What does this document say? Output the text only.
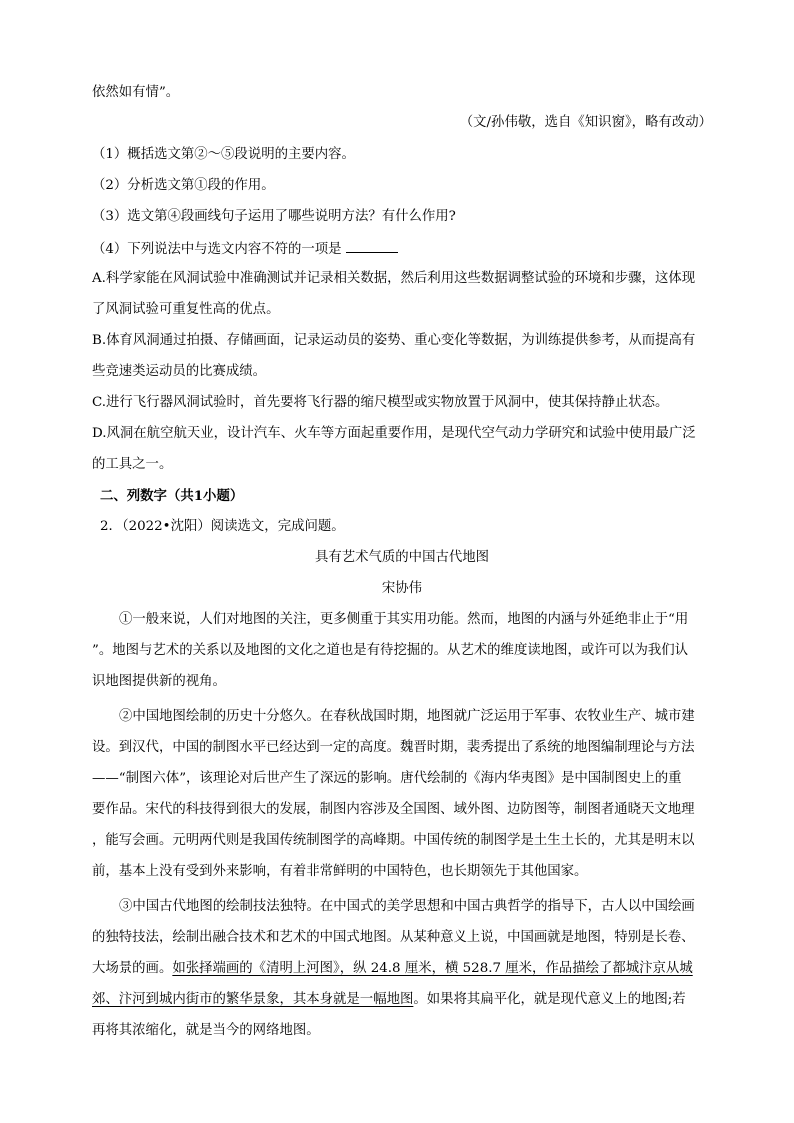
依然如有情”。
（文/孙伟敬，选自《知识窗》，略有改动）
（1）概括选文第②～⑤段说明的主要内容。
（2）分析选文第①段的作用。
（3）选文第④段画线句子运用了哪些说明方法？有什么作用?
（4）下列说法中与选文内容不符的一项是
A.科学家能在风洞试验中准确测试并记录相关数据，然后利用这些数据调整试验的环境和步骤，这体现
了风洞试验可重复性高的优点。
B.体育风洞通过拍摄、存储画面，记录运动员的姿势、重心变化等数据，为训练提供参考，从而提高有
些竞速类运动员的比赛成绩。
C.进行飞行器风洞试验时，首先要将飞行器的缩尺模型或实物放置于风洞中，使其保持静止状态。
D.风洞在航空航天业，设计汽车、火车等方面起重要作用，是现代空气动力学研究和试验中使用最广泛
的工具之一。
二、列数字（共1小题）
2．（2022•沈阳）阅读选文，完成问题。
具有艺术气质的中国古代地图
宋协伟
①一般来说，人们对地图的关注，更多侧重于其实用功能。然而，地图的内涵与外延绝非止于“用
”。地图与艺术的关系以及地图的文化之道也是有待挖掘的。从艺术的维度读地图，或许可以为我们认
识地图提供新的视角。
②中国地图绘制的历史十分悠久。在春秋战国时期，地图就广泛运用于军事、农牧业生产、城市建
设。到汉代，中国的制图水平已经达到一定的高度。魏晋时期，裴秀提出了系统的地图编制理论与方法
——“制图六体”，该理论对后世产生了深远的影响。唐代绘制的《海内华夷图》是中国制图史上的重
要作品。宋代的科技得到很大的发展，制图内容涉及全国图、域外图、边防图等，制图者通晓天文地理
，能写会画。元明两代则是我国传统制图学的高峰期。中国传统的制图学是土生土长的，尤其是明末以
前，基本上没有受到外来影响，有着非常鲜明的中国特色，也长期领先于其他国家。
③中国古代地图的绘制技法独特。在中国式的美学思想和中国古典哲学的指导下，古人以中国绘画
的独特技法，绘制出融合技术和艺术的中国式地图。从某种意义上说，中国画就是地图，特别是长卷、
大场景的画。如张择端画的《清明上河图》，纵 24.8 厘米，横 528.7 厘米，作品描绘了都城汴京从城
郊、汴河到城内街市的繁华景象，其本身就是一幅地图。如果将其扁平化，就是现代意义上的地图;若
再将其浓缩化，就是当今的网络地图。
